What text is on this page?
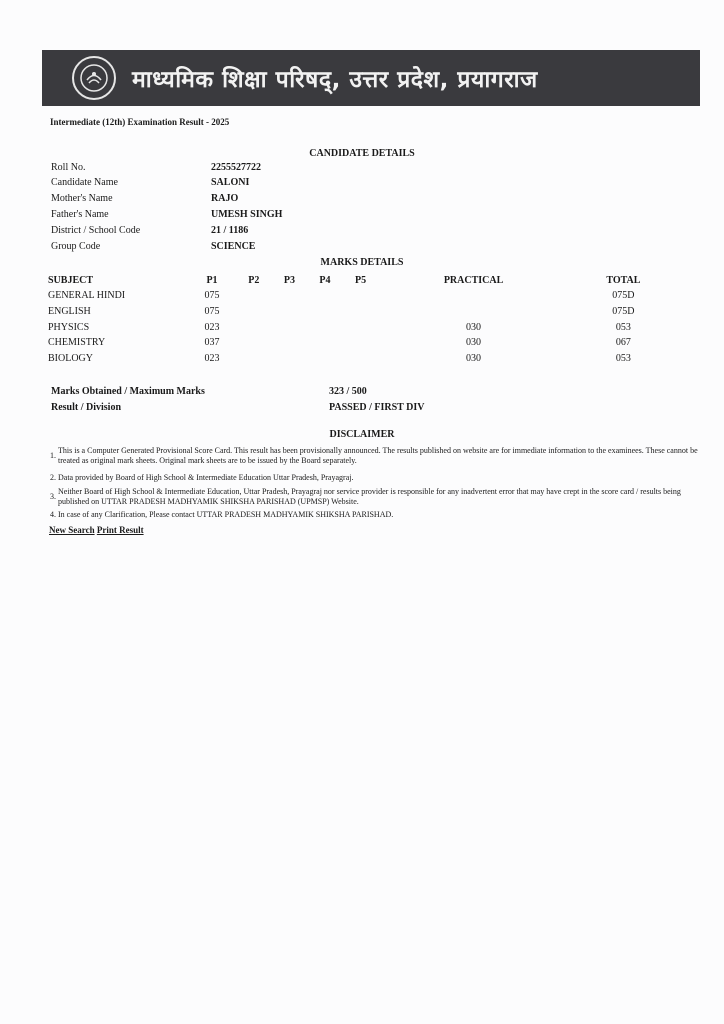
माध्यमिक शिक्षा परिषद्, उत्तर प्रदेश, प्रयागराज
Intermediate (12th) Examination Result - 2025
CANDIDATE DETAILS
Roll No.	2255527722
Candidate Name	SALONI
Mother's Name	RAJO
Father's Name	UMESH SINGH
District / School Code	21 / 1186
Group Code	SCIENCE
MARKS DETAILS
SUBJECT	P1	P2	P3	P4	P5	PRACTICAL	TOTAL
GENERAL HINDI	075						075D
ENGLISH	075						075D
PHYSICS	023					030	053
CHEMISTRY	037					030	067
BIOLOGY	023					030	053
Marks Obtained / Maximum Marks	323 / 500
Result / Division	PASSED / FIRST DIV
DISCLAIMER
1.
This is a Computer Generated Provisional Score Card. This result has been provisionally announced. The results published on website are for immediate information to the examinees. These cannot be treated as original mark sheets. Original mark sheets are to be issued by the Board separately.
2. Data provided by Board of High School & Intermediate Education Uttar Pradesh, Prayagraj.
3.
Neither Board of High School & Intermediate Education, Uttar Pradesh, Prayagraj nor service provider is responsible for any inadvertent error that may have crept in the score card / results being published on UTTAR PRADESH MADHYAMIK SHIKSHA PARISHAD (UPMSP) Website.
4. In case of any Clarification, Please contact UTTAR PRADESH MADHYAMIK SHIKSHA PARISHAD.
New Search Print Result
